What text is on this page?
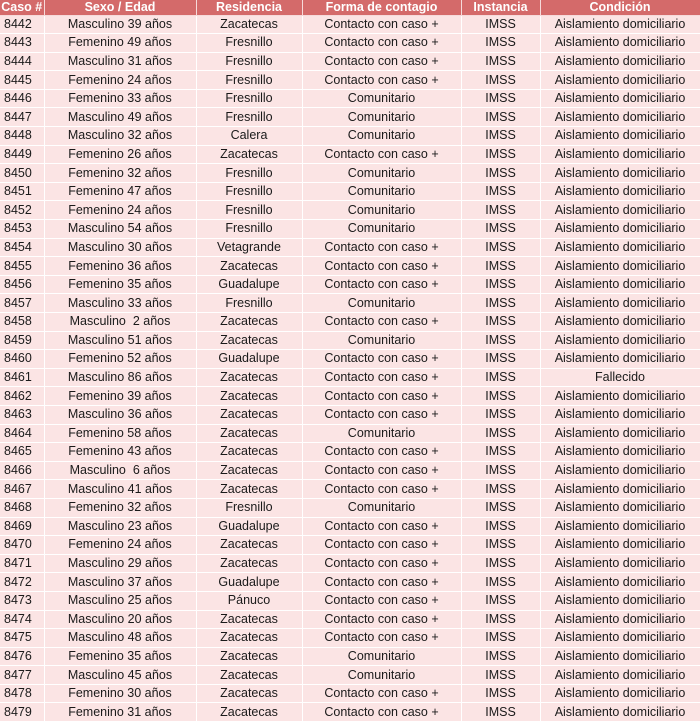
Caso #	Sexo / Edad	Residencia	Forma de contagio	Instancia	Condición
8442	Masculino 39 años	Zacatecas	Contacto con caso +	IMSS	Aislamiento domiciliario
8443	Femenino 49 años	Fresnillo	Contacto con caso +	IMSS	Aislamiento domiciliario
8444	Masculino 31 años	Fresnillo	Contacto con caso +	IMSS	Aislamiento domiciliario
8445	Femenino 24 años	Fresnillo	Contacto con caso +	IMSS	Aislamiento domiciliario
8446	Femenino 33 años	Fresnillo	Comunitario	IMSS	Aislamiento domiciliario
8447	Masculino 49 años	Fresnillo	Comunitario	IMSS	Aislamiento domiciliario
8448	Masculino 32 años	Calera	Comunitario	IMSS	Aislamiento domiciliario
8449	Femenino 26 años	Zacatecas	Contacto con caso +	IMSS	Aislamiento domiciliario
8450	Femenino 32 años	Fresnillo	Comunitario	IMSS	Aislamiento domiciliario
8451	Femenino 47 años	Fresnillo	Comunitario	IMSS	Aislamiento domiciliario
8452	Femenino 24 años	Fresnillo	Comunitario	IMSS	Aislamiento domiciliario
8453	Masculino 54 años	Fresnillo	Comunitario	IMSS	Aislamiento domiciliario
8454	Masculino 30 años	Vetagrande	Contacto con caso +	IMSS	Aislamiento domiciliario
8455	Femenino 36 años	Zacatecas	Contacto con caso +	IMSS	Aislamiento domiciliario
8456	Femenino 35 años	Guadalupe	Contacto con caso +	IMSS	Aislamiento domiciliario
8457	Masculino 33 años	Fresnillo	Comunitario	IMSS	Aislamiento domiciliario
8458	Masculino  2 años	Zacatecas	Contacto con caso +	IMSS	Aislamiento domiciliario
8459	Masculino 51 años	Zacatecas	Comunitario	IMSS	Aislamiento domiciliario
8460	Femenino 52 años	Guadalupe	Contacto con caso +	IMSS	Aislamiento domiciliario
8461	Masculino 86 años	Zacatecas	Contacto con caso +	IMSS	Fallecido
8462	Femenino 39 años	Zacatecas	Contacto con caso +	IMSS	Aislamiento domiciliario
8463	Masculino 36 años	Zacatecas	Contacto con caso +	IMSS	Aislamiento domiciliario
8464	Femenino 58 años	Zacatecas	Comunitario	IMSS	Aislamiento domiciliario
8465	Femenino 43 años	Zacatecas	Contacto con caso +	IMSS	Aislamiento domiciliario
8466	Masculino  6 años	Zacatecas	Contacto con caso +	IMSS	Aislamiento domiciliario
8467	Masculino 41 años	Zacatecas	Contacto con caso +	IMSS	Aislamiento domiciliario
8468	Femenino 32 años	Fresnillo	Comunitario	IMSS	Aislamiento domiciliario
8469	Masculino 23 años	Guadalupe	Contacto con caso +	IMSS	Aislamiento domiciliario
8470	Femenino 24 años	Zacatecas	Contacto con caso +	IMSS	Aislamiento domiciliario
8471	Masculino 29 años	Zacatecas	Contacto con caso +	IMSS	Aislamiento domiciliario
8472	Masculino 37 años	Guadalupe	Contacto con caso +	IMSS	Aislamiento domiciliario
8473	Masculino 25 años	Pánuco	Contacto con caso +	IMSS	Aislamiento domiciliario
8474	Masculino 20 años	Zacatecas	Contacto con caso +	IMSS	Aislamiento domiciliario
8475	Masculino 48 años	Zacatecas	Contacto con caso +	IMSS	Aislamiento domiciliario
8476	Femenino 35 años	Zacatecas	Comunitario	IMSS	Aislamiento domiciliario
8477	Masculino 45 años	Zacatecas	Comunitario	IMSS	Aislamiento domiciliario
8478	Femenino 30 años	Zacatecas	Contacto con caso +	IMSS	Aislamiento domiciliario
8479	Femenino 31 años	Zacatecas	Contacto con caso +	IMSS	Aislamiento domiciliario
